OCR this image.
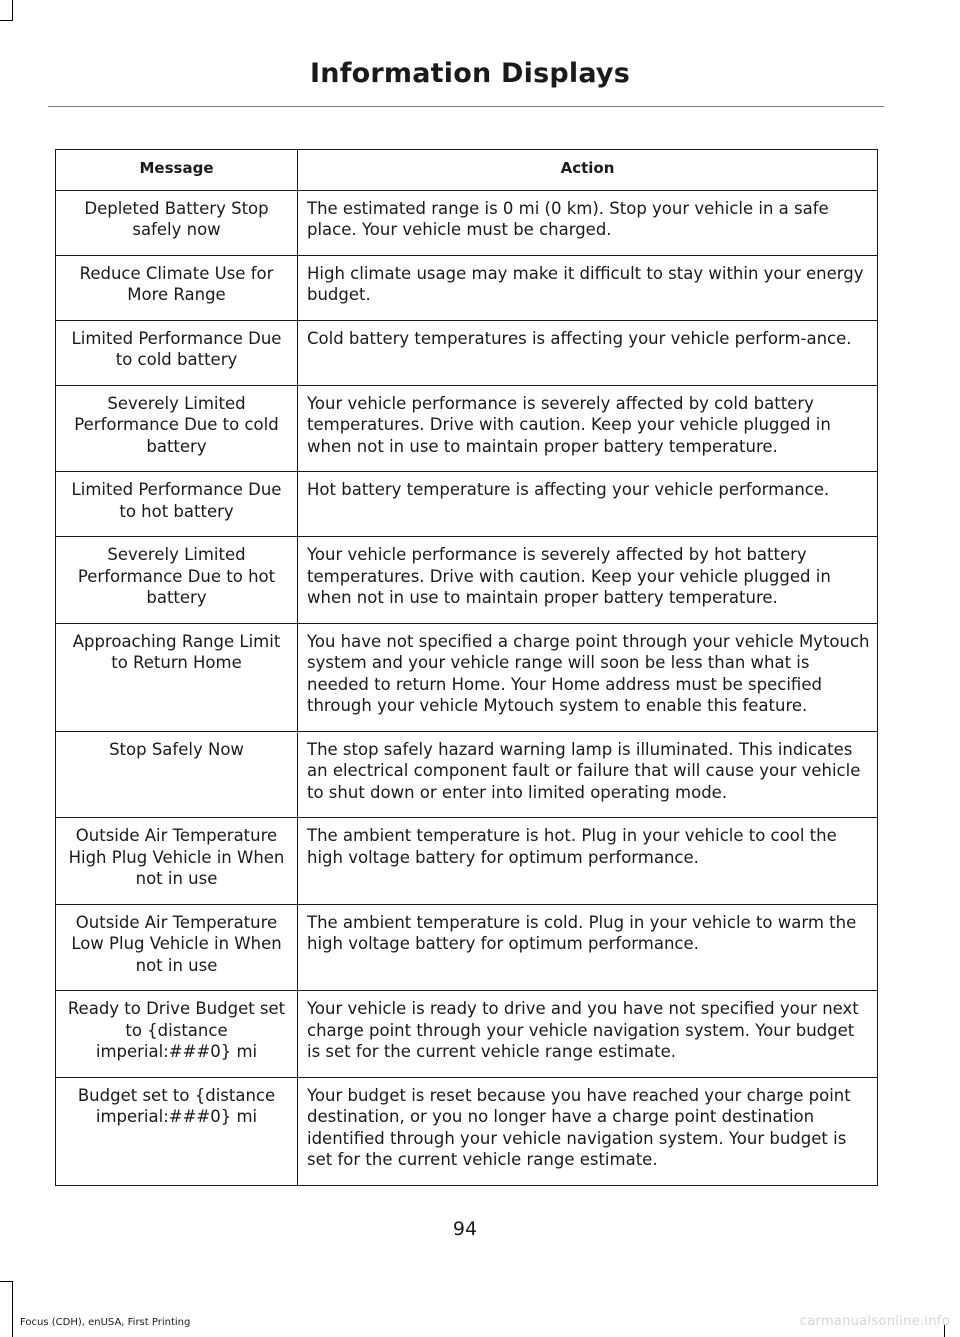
Information Displays
Message	Action
Depleted Battery Stop safely now	The estimated range is 0 mi (0 km). Stop your vehicle in a safe place. Your vehicle must be charged.
Reduce Climate Use for More Range	High climate usage may make it difficult to stay within your energy budget.
Limited Performance Due to cold battery	Cold battery temperatures is affecting your vehicle perform-ance.
Severely Limited Performance Due to cold battery	Your vehicle performance is severely affected by cold battery temperatures. Drive with caution. Keep your vehicle plugged in when not in use to maintain proper battery temperature.
Limited Performance Due to hot battery	Hot battery temperature is affecting your vehicle performance.
Severely Limited Performance Due to hot battery	Your vehicle performance is severely affected by hot battery temperatures. Drive with caution. Keep your vehicle plugged in when not in use to maintain proper battery temperature.
Approaching Range Limit to Return Home	You have not specified a charge point through your vehicle Mytouch system and your vehicle range will soon be less than what is needed to return Home. Your Home address must be specified through your vehicle Mytouch system to enable this feature.
Stop Safely Now	The stop safely hazard warning lamp is illuminated. This indicates an electrical component fault or failure that will cause your vehicle to shut down or enter into limited operating mode.
Outside Air Temperature High Plug Vehicle in When not in use	The ambient temperature is hot. Plug in your vehicle to cool the high voltage battery for optimum performance.
Outside Air Temperature Low Plug Vehicle in When not in use	The ambient temperature is cold. Plug in your vehicle to warm the high voltage battery for optimum performance.
Ready to Drive Budget set to {distance imperial:###0} mi	Your vehicle is ready to drive and you have not specified your next charge point through your vehicle navigation system. Your budget is set for the current vehicle range estimate.
Budget set to {distance imperial:###0} mi	Your budget is reset because you have reached your charge point destination, or you no longer have a charge point destination identified through your vehicle navigation system. Your budget is set for the current vehicle range estimate.
94
Focus (CDH), enUSA, First Printing	carmanualsonline.info
